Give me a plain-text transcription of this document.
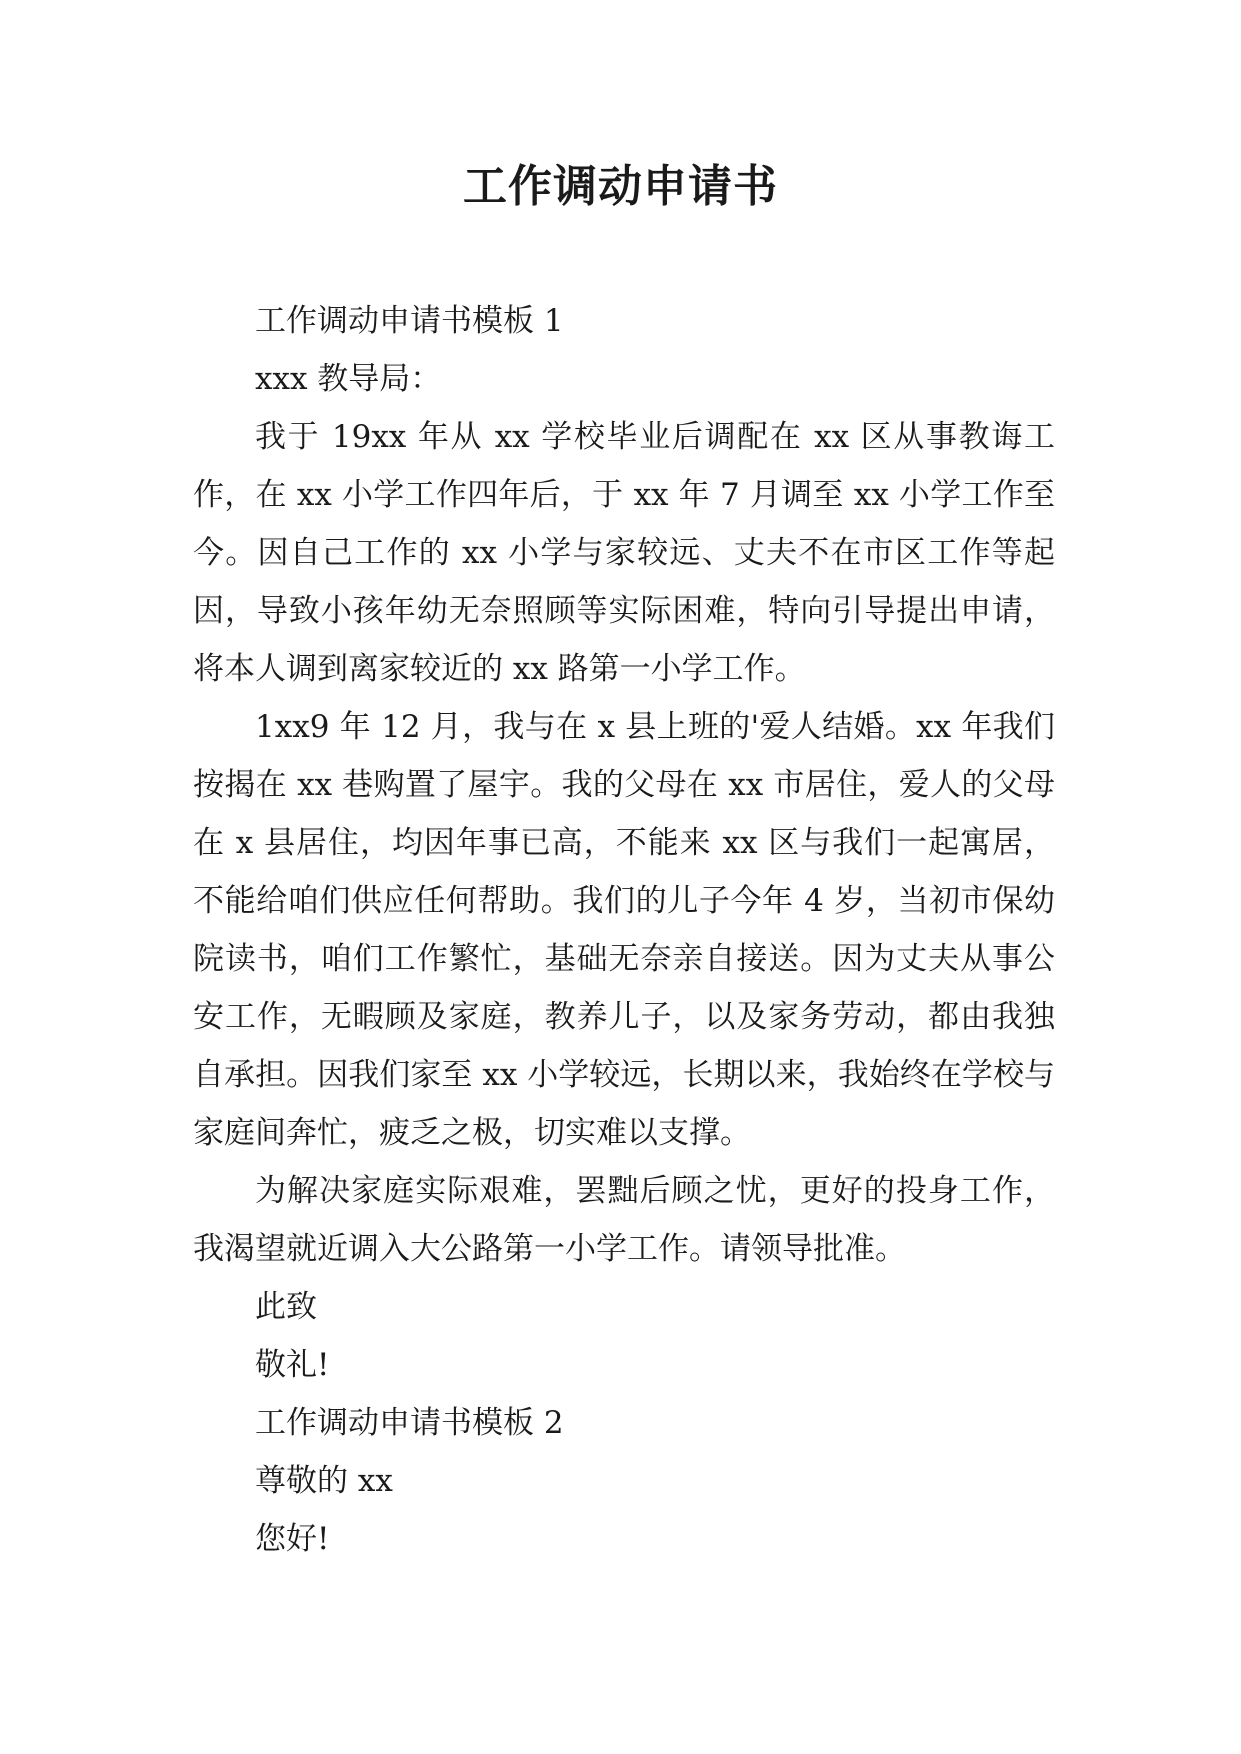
工作调动申请书

工作调动申请书模板 1

xxx 教导局：

我于 19xx 年从 xx 学校毕业后调配在 xx 区从事教诲工作，在 xx 小学工作四年后，于 xx 年 7 月调至 xx 小学工作至今。因自己工作的 xx 小学与家较远、丈夫不在市区工作等起因，导致小孩年幼无奈照顾等实际困难，特向引导提出申请，将本人调到离家较近的 xx 路第一小学工作。

1xx9 年 12 月，我与在 x 县上班的'爱人结婚。xx 年我们按揭在 xx 巷购置了屋宇。我的父母在 xx 市居住，爱人的父母在 x 县居住，均因年事已高，不能来 xx 区与我们一起寓居，不能给咱们供应任何帮助。我们的儿子今年 4 岁，当初市保幼院读书，咱们工作繁忙，基础无奈亲自接送。因为丈夫从事公安工作，无暇顾及家庭，教养儿子，以及家务劳动，都由我独自承担。因我们家至 xx 小学较远，长期以来，我始终在学校与家庭间奔忙，疲乏之极，切实难以支撑。

为解决家庭实际艰难，罢黜后顾之忧，更好的投身工作，我渴望就近调入大公路第一小学工作。请领导批准。

此致

敬礼!

工作调动申请书模板 2

尊敬的 xx

您好!
